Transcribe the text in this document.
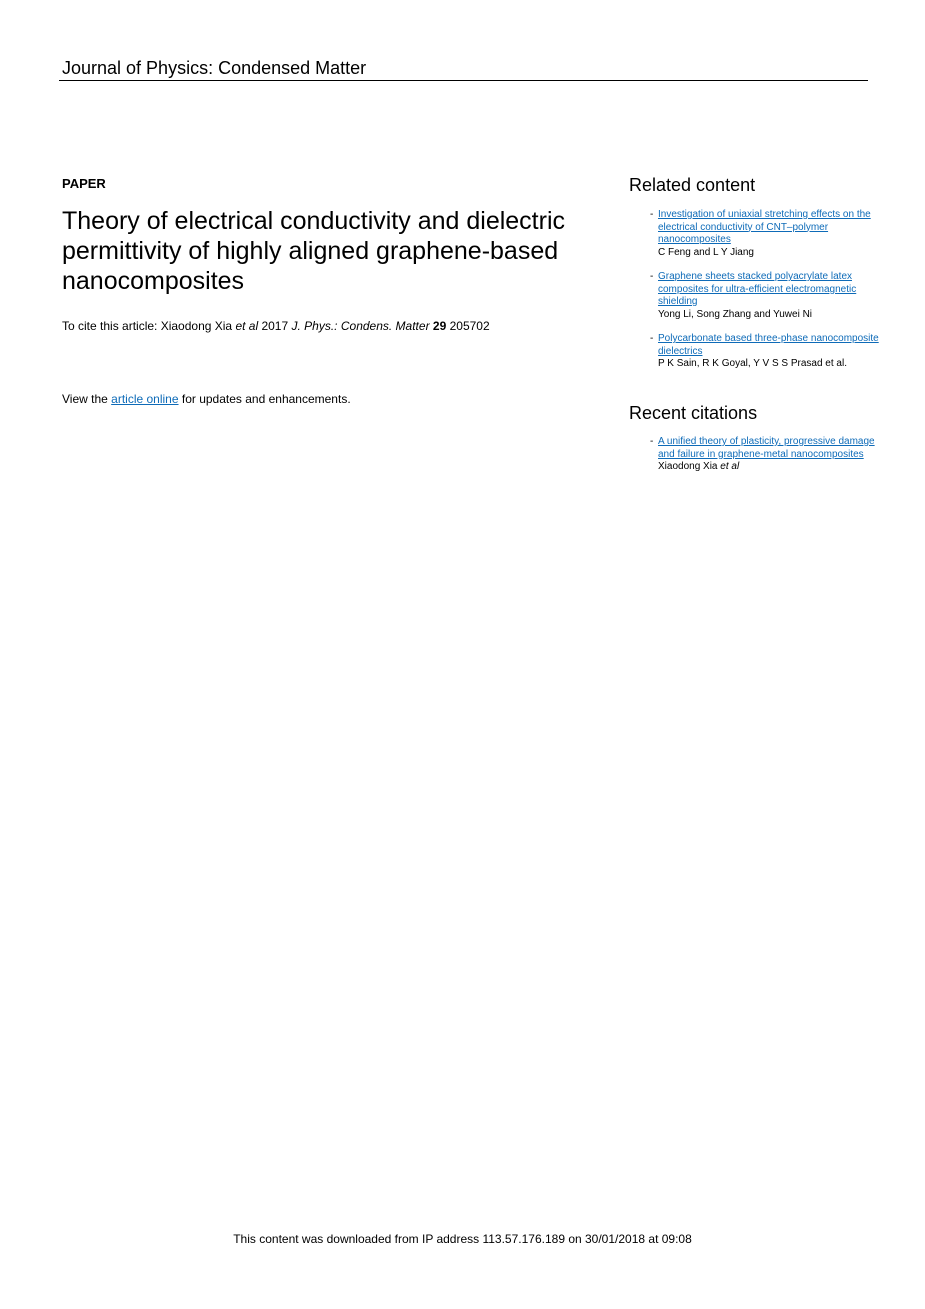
Journal of Physics: Condensed Matter
PAPER
Theory of electrical conductivity and dielectric permittivity of highly aligned graphene-based nanocomposites
To cite this article: Xiaodong Xia et al 2017 J. Phys.: Condens. Matter 29 205702
View the article online for updates and enhancements.
Related content
- Investigation of uniaxial stretching effects on the electrical conductivity of CNT–polymer nanocomposites
C Feng and L Y Jiang
- Graphene sheets stacked polyacrylate latex composites for ultra-efficient electromagnetic shielding
Yong Li, Song Zhang and Yuwei Ni
- Polycarbonate based three-phase nanocomposite dielectrics
P K Sain, R K Goyal, Y V S S Prasad et al.
Recent citations
- A unified theory of plasticity, progressive damage and failure in graphene-metal nanocomposites
Xiaodong Xia et al
This content was downloaded from IP address 113.57.176.189 on 30/01/2018 at 09:08
